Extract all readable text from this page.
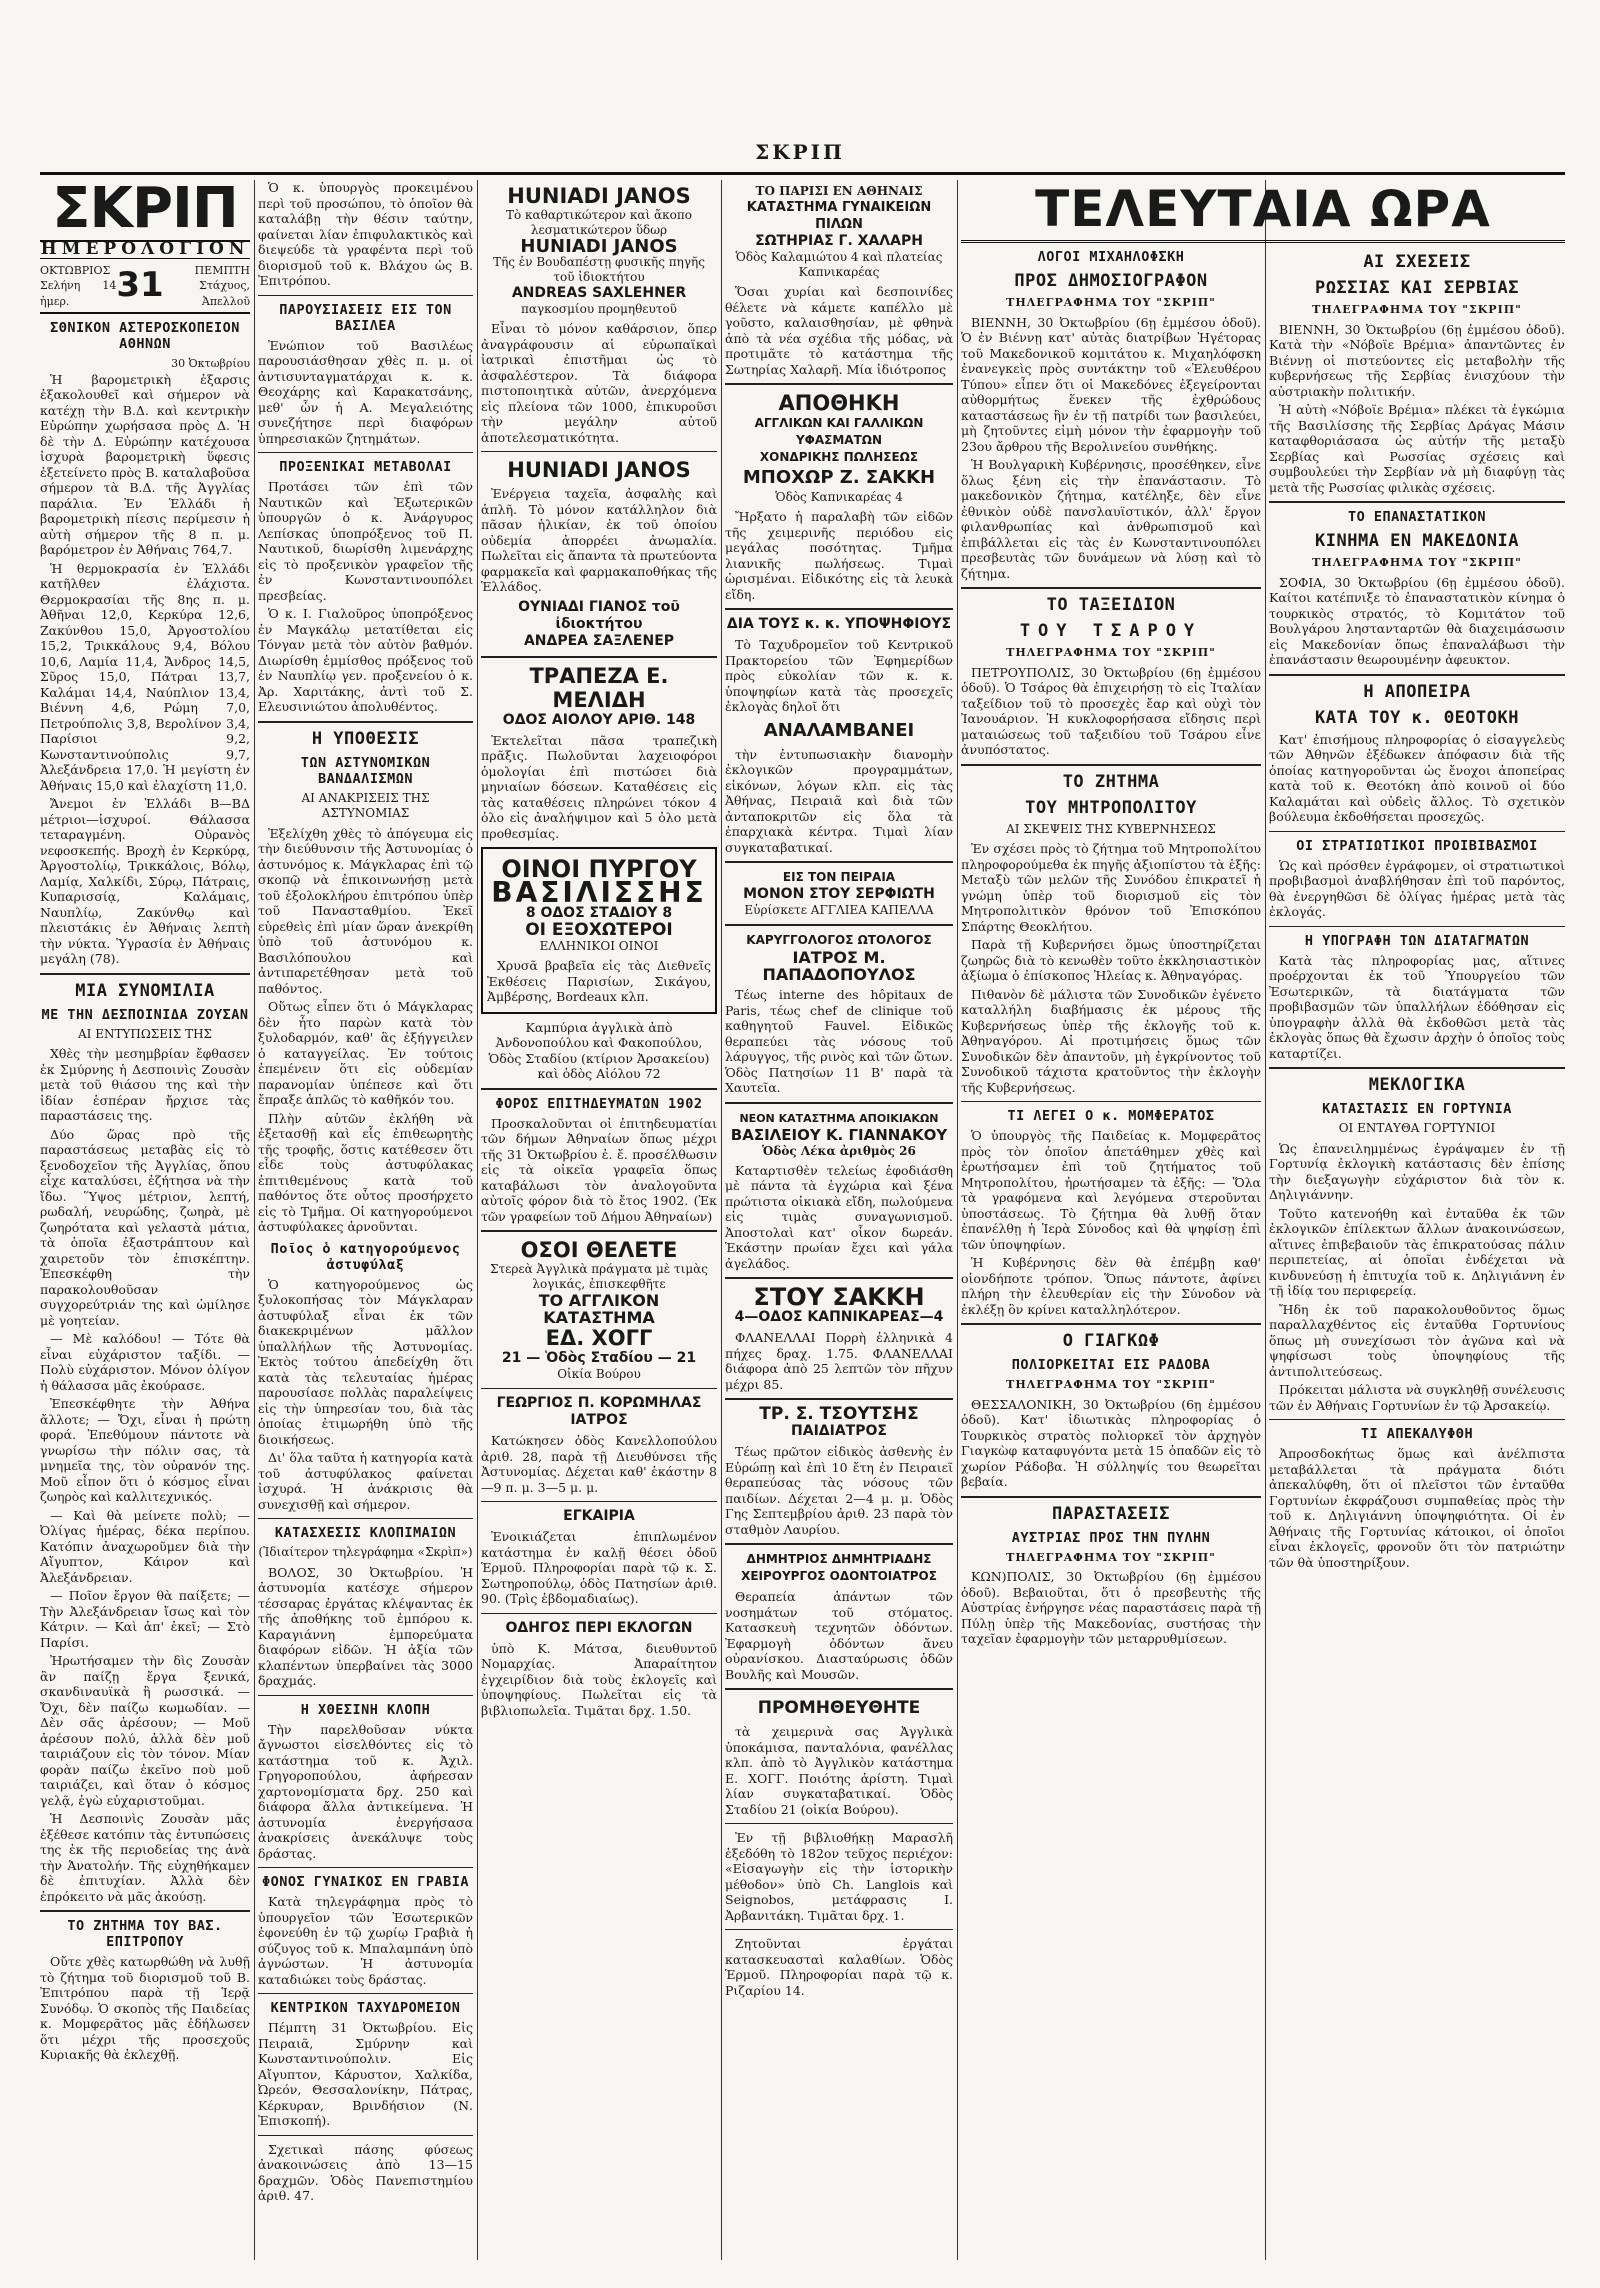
ΣΚΡΙΠ
ΣΚΡΙΠ
ΗΜΕΡΟΛΟΓΙΟΝ
ΟΚΤΩΒΡΙΟΣ
Σελήνη 14 ἡμερ.	31	ΠΕΜΠΤΗ
Στάχυος, Ἀπελλοῦ
ΣΘΝΙΚΟΝ ΑΣΤΕΡΟΣΚΟΠΕΙΟΝ ΑΘΗΝΩΝ
30 Ὀκτωβρίου

Ἡ βαρομετρικὴ ἐξαρσις ἐξακολουθεῖ καὶ σήμερον νὰ κατέχῃ τὴν Β.Δ. καὶ κεντρικὴν Εὐρώπην χωρήσασα πρὸς Δ. Ἡ δὲ τὴν Δ. Εὐρώπην κατέχουσα ἰσχυρὰ βαρομετρικὴ ὕφεσις ἐξετείνετο πρὸς Β. καταλαβοῦσα σήμερον τὰ Β.Δ. τῆς Ἀγγλίας παράλια. Ἐν Ἑλλάδι ἡ βαρομετρικὴ πίεσις περίμεσιν ἡ αὐτὴ σήμερον τῆς 8 π. μ. βαρόμετρον ἐν Ἀθήναις 764,7.

Ἡ θερμοκρασία ἐν Ἑλλάδι κατῆλθεν ἐλάχιστα. Θερμοκρασίαι τῆς 8ης π. μ. Ἀθῆναι 12,0, Κερκύρα 12,6, Ζακύνθου 15,0, Ἀργοστολίου 15,2, Τρικκάλους 9,4, Βόλου 10,6, Λαμία 11,4, Ἄνδρος 14,5, Σῦρος 15,0, Πάτραι 13,7, Καλάμαι 14,4, Ναύπλιον 13,4, Βιέννη 4,6, Ρώμη 7,0, Πετρούπολις 3,8, Βερολίνον 3,4, Παρίσιοι 9,2, Κωνσταντινούπολις 9,7, Ἀλεξάνδρεια 17,0. Ἡ μεγίστη ἐν Ἀθήναις 15,0 καὶ ἐλαχίστη 11,0.

Ἄνεμοι ἐν Ἑλλάδι Β—ΒΔ μέτριοι—ἰσχυροί. Θάλασσα τεταραγμένη. Οὐρανὸς νεφοσκεπής. Βροχὴ ἐν Κερκύρᾳ, Ἀργοστολίῳ, Τρικκάλοις, Βόλῳ, Λαμίᾳ, Χαλκίδι, Σύρῳ, Πάτραις, Κυπαρισσίᾳ, Καλάμαις, Ναυπλίῳ, Ζακύνθῳ καὶ πλειστάκις ἐν Ἀθήναις λεπτὴ τὴν νύκτα. Ὑγρασία ἐν Ἀθήναις μεγάλη (78).

ΜΙΑ ΣΥΝΟΜΙΛΙΑ
ΜΕ ΤΗΝ ΔΕΣΠΟΙΝΙΔΑ ΖΟΥΣΑΝ
ΑΙ ΕΝΤΥΠΩΣΕΙΣ ΤΗΣ

Χθὲς τὴν μεσημβρίαν ἔφθασεν ἐκ Σμύρνης ἡ Δεσποινὶς Ζουσὰν μετὰ τοῦ θιάσου της καὶ τὴν ἰδίαν ἑσπέραν ἤρχισε τὰς παραστάσεις της.

Δύο ὥρας πρὸ τῆς παραστάσεως μεταβὰς εἰς τὸ ξενοδοχεῖον τῆς Ἀγγλίας, ὅπου εἶχε καταλύσει, ἐζήτησα νὰ τὴν ἴδω. Ὕψος μέτριον, λεπτή, ρωδαλή, νευρώδης, ζωηρὰ, μὲ ζωηρότατα καὶ γελαστὰ μάτια, τὰ ὁποῖα ἐξαστράπτουν καὶ χαιρετοῦν τὸν ἐπισκέπτην. Ἐπεσκέφθη τὴν παρακολουθοῦσαν συγχορεύτριάν της καὶ ὡμίλησε μὲ γοητείαν.

— Μὲ καλόδου! — Τότε θὰ εἶναι εὐχάριστον ταξίδι. — Πολὺ εὐχάριστον. Μόνον ὀλίγον ἡ θάλασσα μᾶς ἐκούρασε.

Ἐπεσκέφθητε τὴν Ἀθήνα ἄλλοτε; — Ὄχι, εἶναι ἡ πρώτη φορά. Ἐπεθύμουν πάντοτε νὰ γνωρίσω τὴν πόλιν σας, τὰ μνημεῖα της, τὸν οὐρανόν της. Μοῦ εἶπον ὅτι ὁ κόσμος εἶναι ζωηρὸς καὶ καλλιτεχνικός.

— Καὶ θὰ μείνετε πολὺ; — Ὀλίγας ἡμέρας, δέκα περίπου. Κατόπιν ἀναχωροῦμεν διὰ τὴν Αἴγυπτον, Κάιρον καὶ Ἀλεξάνδρειαν.

— Ποῖον ἔργον θὰ παίξετε; — Τὴν Ἀλεξάνδρειαν ἴσως καὶ τὸν Κάτριν. — Καὶ ἀπ' ἐκεῖ; — Στὸ Παρίσι.

Ἠρωτήσαμεν τὴν δὶς Ζουσὰν ἂν παίζῃ ἔργα ξενικά, σκανδιναυϊκὰ ἢ ρωσσικά. — Ὄχι, δὲν παίζω κωμωδίαν. — Δὲν σᾶς ἀρέσουν; — Μοῦ ἀρέσουν πολύ, ἀλλὰ δὲν μοῦ ταιριάζουν εἰς τὸν τόνον. Μίαν φορὰν παίζω ἐκεῖνο ποὺ μοῦ ταιριάζει, καὶ ὅταν ὁ κόσμος γελᾷ, ἐγὼ εὐχαριστοῦμαι.

Ἡ Δεσποινὶς Ζουσὰν μᾶς ἐξέθεσε κατόπιν τὰς ἐντυπώσεις της ἐκ τῆς περιοδείας της ἀνὰ τὴν Ἀνατολήν. Τῆς εὐχηθήκαμεν δὲ ἐπιτυχίαν. Ἀλλὰ δὲν ἐπρόκειτο νὰ μᾶς ἀκούσῃ.

ΤΟ ΖΗΤΗΜΑ ΤΟΥ ΒΑΣ. ΕΠΙΤΡΟΠΟΥ

Οὔτε χθὲς κατωρθώθη νὰ λυθῇ τὸ ζήτημα τοῦ διορισμοῦ τοῦ Β. Ἐπιτρόπου παρὰ τῇ Ἱερᾷ Συνόδῳ. Ὁ σκοπὸς τῆς Παιδείας κ. Μομφερᾶτος μᾶς ἐδήλωσεν ὅτι μέχρι τῆς προσεχοῦς Κυριακῆς θὰ ἐκλεχθῇ.

Ὁ κ. ὑπουργὸς προκειμένου περὶ τοῦ προσώπου, τὸ ὁποῖον θὰ καταλάβῃ τὴν θέσιν ταύτην, φαίνεται λίαν ἐπιφυλακτικὸς καὶ διεψεύδε τὰ γραφέντα περὶ τοῦ διορισμοῦ τοῦ κ. Βλάχου ὡς Β. Ἐπιτρόπου.

ΠΑΡΟΥΣΙΑΣΕΙΣ ΕΙΣ ΤΟΝ ΒΑΣΙΛΕΑ

Ἐνώπιον τοῦ Βασιλέως παρουσιάσθησαν χθὲς π. μ. οἱ ἀντισυνταγματάρχαι κ. κ. Θεοχάρης καὶ Καρακατσάνης, μεθ' ὧν ἡ Α. Μεγαλειότης συνεζήτησε περὶ διαφόρων ὑπηρεσιακῶν ζητημάτων.

ΠΡΟΞΕΝΙΚΑΙ ΜΕΤΑΒΟΛΑΙ

Προτάσει τῶν ἐπὶ τῶν Ναυτικῶν καὶ Ἐξωτερικῶν ὑπουργῶν ὁ κ. Ἀνάργυρος Λεπίσκας ὑποπρόξενος τοῦ Π. Ναυτικοῦ, διωρίσθη λιμενάρχης εἰς τὸ προξενικὸν γραφεῖον τῆς ἐν Κωνσταντινουπόλει πρεσβείας.

Ὁ κ. Ι. Γιαλοῦρος ὑποπρόξενος ἐν Μαγκάλῳ μετατίθεται εἰς Τόνγαν μετὰ τὸν αὐτὸν βαθμόν. Διωρίσθη ἐμμίσθος πρόξενος τοῦ ἐν Ναυπλίῳ γεν. προξενείου ὁ κ. Ἀρ. Χαριτάκης, ἀντὶ τοῦ Σ. Ελευσινιώτου ἀπολυθέντος.

Η ΥΠΟΘΕΣΙΣ
ΤΩΝ ΑΣΤΥΝΟΜΙΚΩΝ ΒΑΝΔΑΛΙΣΜΩΝ
ΑΙ ΑΝΑΚΡΙΣΕΙΣ ΤΗΣ ΑΣΤΥΝΟΜΙΑΣ

Ἐξελίχθη χθὲς τὸ ἀπόγευμα εἰς τὴν διεύθυνσιν τῆς Ἀστυνομίας ὁ ἀστυνόμος κ. Μάγκλαρας ἐπὶ τῷ σκοπῷ νὰ ἐπικοινωνήσῃ μετὰ τοῦ ἐξολοκλήρου ἐπιτρόπου ὑπὲρ τοῦ Πανασταθμίου. Ἐκεῖ εὑρεθεὶς ἐπὶ μίαν ὥραν ἀνεκρίθη ὑπὸ τοῦ ἀστυνόμου κ. Βασιλόπουλου καὶ ἀντιπαρετέθησαν μετὰ τοῦ παθόντος.

Οὕτως εἶπεν ὅτι ὁ Μάγκλαρας δὲν ἦτο παρὼν κατὰ τὸν ξυλοδαρμόν, καθ' ἃς ἐξήγγειλεν ὁ καταγγείλας. Ἐν τούτοις ἐπεμένειν ὅτι εἰς οὐδεμίαν παρανομίαν ὑπέπεσε καὶ ὅτι ἔπραξε ἁπλῶς τὸ καθῆκόν του.

Πλὴν αὐτῶν ἐκλήθη νὰ ἐξετασθῇ καὶ εἷς ἐπιθεωρητὴς τῆς τροφῆς, ὅστις κατέθεσεν ὅτι εἶδε τοὺς ἀστυφύλακας ἐπιτιθεμένους κατὰ τοῦ παθόντος ὅτε οὗτος προσήρχετο εἰς τὸ Τμῆμα. Οἱ κατηγορούμενοι ἀστυφύλακες ἀρνοῦνται.

Ποῖος ὁ κατηγορούμενος ἀστυφύλαξ

Ὁ κατηγορούμενος ὡς ξυλοκοπήσας τὸν Μάγκλαραν ἀστυφύλαξ εἶναι ἐκ τῶν διακεκριμένων μᾶλλον ὑπαλλήλων τῆς Ἀστυνομίας. Ἐκτὸς τούτου ἀπεδείχθη ὅτι κατὰ τὰς τελευταίας ἡμέρας παρουσίασε πολλὰς παραλείψεις εἰς τὴν ὑπηρεσίαν του, διὰ τὰς ὁποίας ἐτιμωρήθη ὑπὸ τῆς διοικήσεως.

Δι' ὅλα ταῦτα ἡ κατηγορία κατὰ τοῦ ἀστυφύλακος φαίνεται ἰσχυρά. Ἡ ἀνάκρισις θὰ συνεχισθῇ καὶ σήμερον.

ΚΑΤΑΣΧΕΣΙΣ ΚΛΟΠΙΜΑΙΩΝ
(Ἰδιαίτερον τηλεγράφημα «Σκρὶπ»)

ΒΟΛΟΣ, 30 Ὀκτωβρίου. Ἡ ἀστυνομία κατέσχε σήμερον τέσσαρας ἐργάτας κλέψαντας ἐκ τῆς ἀποθήκης τοῦ ἐμπόρου κ. Καραγιάννη ἐμπορεύματα διαφόρων εἰδῶν. Ἡ ἀξία τῶν κλαπέντων ὑπερβαίνει τὰς 3000 δραχμάς.

Η ΧΘΕΣΙΝΗ ΚΛΟΠΗ

Τὴν παρελθοῦσαν νύκτα ἄγνωστοι εἰσελθόντες εἰς τὸ κατάστημα τοῦ κ. Ἀχιλ. Γρηγοροπούλου, ἀφήρεσαν χαρτονομίσματα δρχ. 250 καὶ διάφορα ἄλλα ἀντικείμενα. Ἡ ἀστυνομία ἐνεργήσασα ἀνακρίσεις ἀνεκάλυψε τοὺς δράστας.

ΦΟΝΟΣ ΓΥΝΑΙΚΟΣ ΕΝ ΓΡΑΒΙΑ

Κατὰ τηλεγράφημα πρὸς τὸ ὑπουργεῖον τῶν Ἐσωτερικῶν ἐφονεύθη ἐν τῷ χωρίῳ Γραβιὰ ἡ σύζυγος τοῦ κ. Μπαλαμπάνη ὑπὸ ἀγνώστων. Ἡ ἀστυνομία καταδιώκει τοὺς δράστας.

ΚΕΝΤΡΙΚΟΝ ΤΑΧΥΔΡΟΜΕΙΟΝ

Πέμπτη 31 Ὀκτωβρίου. Εἰς Πειραιᾶ, Σμύρνην καὶ Κωνσταντινούπολιν. Εἰς Αἴγυπτον, Κάρυστον, Χαλκίδα, Ὠρεόν, Θεσσαλονίκην, Πάτρας, Κέρκυραν, Βρινδήσιον (Ν. Ἐπισκοπή).

Σχετικαὶ πάσης φύσεως ἀνακοινώσεις ἀπὸ 13—15 δραχμῶν. Ὁδὸς Πανεπιστημίου ἀριθ. 47.

HUNIADI JANOS
Τὸ καθαρτικώτερον καὶ ἄκοπο λεσματικώτερον ὕδωρ
HUNIADI JANOS
Τῆς ἐν Βουδαπέστῃ φυσικῆς πηγῆς τοῦ ἰδιοκτήτου
ANDREAS SAXLEHNER
παγκοσμίου προμηθευτοῦ

Εἶναι τὸ μόνον καθάρσιον, ὅπερ ἀναγράφουσιν αἱ εὐρωπαϊκαὶ ἰατρικαὶ ἐπιστῆμαι ὡς τὸ ἀσφαλέστερον. Τὰ διάφορα πιστοποιητικὰ αὐτῶν, ἀνερχόμενα εἰς πλείονα τῶν 1000, ἐπικυροῦσι τὴν μεγάλην αὐτοῦ ἀποτελεσματικότητα.

HUNIADI JANOS

Ἐνέργεια ταχεῖα, ἀσφαλὴς καὶ ἁπλῆ. Τὸ μόνον κατάλληλον διὰ πᾶσαν ἡλικίαν, ἐκ τοῦ ὁποίου οὐδεμία ἀπορρέει ἀνωμαλία. Πωλεῖται εἰς ἅπαντα τὰ πρωτεύοντα φαρμακεῖα καὶ φαρμακαποθήκας τῆς Ἑλλάδος.

ΟΥΝΙΑΔΙ ΓΙΑΝΟΣ τοῦ ἰδιοκτήτου
ΑΝΔΡΕΑ ΣΑΞΛΕΝΕΡ
ΤΡΑΠΕΖΑ Ε. ΜΕΛΙΔΗ
ΟΔΟΣ ΑΙΟΛΟΥ ΑΡΙΘ. 148

Ἐκτελεῖται πᾶσα τραπεζικὴ πρᾶξις. Πωλοῦνται λαχειοφόροι ὁμολογίαι ἐπὶ πιστώσει διὰ μηνιαίων δόσεων. Καταθέσεις εἰς τὰς καταθέσεις πληρώνει τόκον 4 ὀλο εἰς ἀναλήψιμον καὶ 5 ὀλο μετὰ προθεσμίας.

ΟΙΝΟΙ ΠΥΡΓΟΥ
ΒΑΣΙΛΙΣΣΗΣ
8 ΟΔΟΣ ΣΤΑΔΙΟΥ 8
ΟΙ ΕΞΟΧΩΤΕΡΟΙ
ΕΛΛΗΝΙΚΟΙ ΟΙΝΟΙ

Χρυσᾶ βραβεῖα εἰς τὰς Διεθνεῖς Ἐκθέσεις Παρισίων, Σικάγου, Ἀμβέρσης, Bordeaux κλπ.

Καμπύρια ἀγγλικὰ ἀπὸ Ἀνδονοπούλου καὶ Φακοπούλου, Ὁδὸς Σταδίου (κτίριον Ἀρσακείου) καὶ ὁδὸς Αἰόλου 72

ΦΟΡΟΣ ΕΠΙΤΗΔΕΥΜΑΤΩΝ 1902

Προσκαλοῦνται οἱ ἐπιτηδευματίαι τῶν δήμων Ἀθηναίων ὅπως μέχρι τῆς 31 Ὀκτωβρίου ἐ. ἔ. προσέλθωσιν εἰς τὰ οἰκεῖα γραφεῖα ὅπως καταβάλωσι τὸν ἀναλογοῦντα αὐτοῖς φόρον διὰ τὸ ἔτος 1902. (Ἐκ τῶν γραφείων τοῦ Δήμου Ἀθηναίων)

ΟΣΟΙ ΘΕΛΕΤΕ
Στερεὰ Ἀγγλικὰ πράγματα μὲ τιμὰς λογικάς, ἐπισκεφθῆτε
ΤΟ ΑΓΓΛΙΚΟΝ ΚΑΤΑΣΤΗΜΑ
ΕΔ. ΧΟΓΓ
21 — Ὁδὸς Σταδίου — 21
Οἰκία Βούρου
ΓΕΩΡΓΙΟΣ Π. ΚΟΡΩΜΗΛΑΣ
ΙΑΤΡΟΣ

Κατώκησεν ὁδὸς Κανελλοπούλου ἀριθ. 28, παρὰ τῇ Διευθύνσει τῆς Ἀστυνομίας. Δέχεται καθ' ἑκάστην 8—9 π. μ. 3—5 μ. μ.

ΕΓΚΑΙΡΙΑ

Ἐνοικιάζεται ἐπιπλωμένον κατάστημα ἐν καλῇ θέσει ὁδοῦ Ἑρμοῦ. Πληροφορίαι παρὰ τῷ κ. Σ. Σωτηροπούλῳ, ὁδὸς Πατησίων ἀριθ. 90. (Τρὶς ἑβδομαδιαίως).

ΟΔΗΓΟΣ ΠΕΡΙ ΕΚΛΟΓΩΝ

ὑπὸ Κ. Μάτσα, διευθυντοῦ Νομαρχίας. Ἀπαραίτητον ἐγχειρίδιον διὰ τοὺς ἐκλογεῖς καὶ ὑποψηφίους. Πωλεῖται εἰς τὰ βιβλιοπωλεῖα. Τιμᾶται δρχ. 1.50.

ΤΟ ΠΑΡΙΣΙ ΕΝ ΑΘΗΝΑΙΣ
ΚΑΤΑΣΤΗΜΑ ΓΥΝΑΙΚΕΙΩΝ ΠΙΛΩΝ
ΣΩΤΗΡΙΑΣ Γ. ΧΑΛΑΡΗ
Ὁδὸς Καλαμιώτου 4 καὶ πλατείας Καπνικαρέας

Ὅσαι χυρίαι καὶ δεσποινίδες θέλετε νὰ κάμετε καπέλλο μὲ γοῦστο, καλαισθησίαν, μὲ φθηνὰ ἀπὸ τὰ νέα σχέδια τῆς μόδας, νὰ προτιμᾶτε τὸ κατάστημα τῆς Σωτηρίας Χαλαρῆ. Μία ἰδιότροπος

ΑΠΟΘΗΚΗ
ΑΓΓΛΙΚΩΝ ΚΑΙ ΓΑΛΛΙΚΩΝ ΥΦΑΣΜΑΤΩΝ
ΧΟΝΔΡΙΚΗΣ ΠΩΛΗΣΕΩΣ
ΜΠΟΧΩΡ Ζ. ΣΑΚΚΗ
Ὁδὸς Καπνικαρέας 4

Ἤρξατο ἡ παραλαβὴ τῶν εἰδῶν τῆς χειμερινῆς περιόδου εἰς μεγάλας ποσότητας. Τμῆμα λιανικῆς πωλήσεως. Τιμαὶ ὡρισμέναι. Εἰδικότης εἰς τὰ λευκὰ εἴδη.

ΔΙΑ ΤΟΥΣ κ. κ. ΥΠΟΨΗΦΙΟΥΣ

Τὸ Ταχυδρομεῖον τοῦ Κεντρικοῦ Πρακτορείου τῶν Ἐφημερίδων πρὸς εὐκολίαν τῶν κ. κ. ὑποψηφίων κατὰ τὰς προσεχεῖς ἐκλογὰς δηλοῖ ὅτι

ΑΝΑΛΑΜΒΑΝΕΙ

τὴν ἐντυπωσιακὴν διανομὴν ἐκλογικῶν προγραμμάτων, εἰκόνων, λόγων κλπ. εἰς τὰς Ἀθήνας, Πειραιᾶ καὶ διὰ τῶν ἀνταποκριτῶν εἰς ὅλα τὰ ἐπαρχιακὰ κέντρα. Τιμαὶ λίαν συγκαταβατικαί.

ΕΙΣ ΤΟΝ ΠΕΙΡΑΙΑ
ΜΟΝΟΝ ΣΤΟΥ ΣΕΡΦΙΩΤΗ
Εὑρίσκετε ΑΓΓΛΙΕΑ ΚΑΠΕΛΛΑ
ΚΑΡΥΓΓΟΛΟΓΟΣ ΩΤΟΛΟΓΟΣ
ΙΑΤΡΟΣ Μ. ΠΑΠΑΔΟΠΟΥΛΟΣ

Τέως interne des hôpitaux de Paris, τέως chef de clinique τοῦ καθηγητοῦ Fauvel. Εἰδικῶς θεραπεύει τὰς νόσους τοῦ λάρυγγος, τῆς ρινὸς καὶ τῶν ὤτων. Ὁδὸς Πατησίων 11 Β' παρὰ τὰ Χαυτεῖα.

ΝΕΟΝ ΚΑΤΑΣΤΗΜΑ ΑΠΟΙΚΙΑΚΩΝ
ΒΑΣΙΛΕΙΟΥ Κ. ΓΙΑΝΝΑΚΟΥ
Ὁδὸς Λέκα ἀριθμὸς 26

Καταρτισθὲν τελείως ἐφοδιάσθη μὲ πάντα τὰ ἐγχώρια καὶ ξένα πρώτιστα οἰκιακὰ εἴδη, πωλούμενα εἰς τιμὰς συναγωνισμοῦ. Ἀποστολαὶ κατ' οἶκον δωρεάν. Ἑκάστην πρωίαν ἔχει καὶ γάλα ἀγελάδος.

ΣΤΟΥ ΣΑΚΚΗ
4—ΟΔΟΣ ΚΑΠΝΙΚΑΡΕΑΣ—4

ΦΛΑΝΕΛΛΑΙ Πορρὴ ἐλληνικὰ 4 πήχες δραχ. 1.75. ΦΛΑΝΕΛΛΑΙ διάφορα ἀπὸ 25 λεπτῶν τὸν πῆχυν μέχρι 85.

ΤΡ. Σ. ΤΣΟΥΤΣΗΣ
ΠΑΙΔΙΑΤΡΟΣ

Τέως πρῶτον εἰδικὸς ἀσθενὴς ἐν Εὐρώπῃ καὶ ἐπὶ 10 ἔτη ἐν Πειραιεῖ θεραπεύσας τὰς νόσους τῶν παιδίων. Δέχεται 2—4 μ. μ. Ὁδὸς Γης Σεπτεμβρίου ἀριθ. 23 παρὰ τὸν σταθμὸν Λαυρίου.

ΔΗΜΗΤΡΙΟΣ ΔΗΜΗΤΡΙΑΔΗΣ
ΧΕΙΡΟΥΡΓΟΣ ΟΔΟΝΤΟΙΑΤΡΟΣ

Θεραπεία ἁπάντων τῶν νοσημάτων τοῦ στόματος. Κατασκευὴ τεχνητῶν ὀδόντων. Ἐφαρμογὴ ὀδόντων ἄνευ οὐρανίσκου. Διασταύρωσις ὁδῶν Βουλῆς καὶ Μουσῶν.

ΠΡΟΜΗΘΕΥΘΗΤΕ

τὰ χειμερινὰ σας Ἀγγλικὰ ὑποκάμισα, πανταλόνια, φανέλλας κλπ. ἀπὸ τὸ Ἀγγλικὸν κατάστημα Ε. ΧΟΓΓ. Ποιότης ἀρίστη. Τιμαὶ λίαν συγκαταβατικαί. Ὁδὸς Σταδίου 21 (οἰκία Βούρου).

Ἐν τῇ βιβλιοθήκῃ Μαρασλῆ ἐξεδόθη τὸ 182ον τεῦχος περιέχον: «Εἰσαγωγὴν εἰς τὴν ἱστορικὴν μέθοδον» ὑπὸ Ch. Langlois καὶ Seignobos, μετάφρασις Ι. Ἀρβανιτάκη. Τιμᾶται δρχ. 1.

Ζητοῦνται ἐργάται κατασκευασταὶ καλαθίων. Ὁδὸς Ἑρμοῦ. Πληροφορίαι παρὰ τῷ κ. Ριζαρίου 14.

ΤΕΛΕΥΤΑΙΑ ΩΡΑ
ΛΟΓΟΙ ΜΙΧΑΗΛΟΦΣΚΗ
ΠΡΟΣ ΔΗΜΟΣΙΟΓΡΑΦΟΝ
ΤΗΛΕΓΡΑΦΗΜΑ ΤΟΥ "ΣΚΡΙΠ"

ΒΙΕΝΝΗ, 30 Ὀκτωβρίου (6ῃ ἐμμέσου ὁδοῦ). Ὁ ἐν Βιέννῃ κατ' αὐτὰς διατρίβων Ἠγέτορας τοῦ Μακεδονικοῦ κομιτάτου κ. Μιχαηλόφσκη ἐνανεγκεὶς πρὸς συντάκτην τοῦ «Ἐλευθέρου Τύπου» εἶπεν ὅτι οἱ Μακεδόνες ἐξεγείρονται αὐθορμήτως ἕνεκεν τῆς ἐχθρώδους καταστάσεως ἣν ἐν τῇ πατρίδι των βασιλεύει, μὴ ζητοῦντες εἰμὴ μόνον τὴν ἐφαρμογὴν τοῦ 23ου ἄρθρου τῆς Βερολινείου συνθήκης.

Ἡ Βουλγαρικὴ Κυβέρνησις, προσέθηκεν, εἶνε ὅλως ξένη εἰς τὴν ἐπανάστασιν. Τὸ μακεδονικὸν ζήτημα, κατέληξε, δὲν εἶνε ἐθνικὸν οὐδὲ πανσλαυϊστικόν, ἀλλ' ἔργον φιλανθρωπίας καὶ ἀνθρωπισμοῦ καὶ ἐπιβάλλεται εἰς τὰς ἐν Κωνσταντινουπόλει πρεσβευτὰς τῶν δυνάμεων νὰ λύσῃ καὶ τὸ ζήτημα.

ΤΟ ΤΑΞΕΙΔΙΟΝ
ΤΟΥ ΤΣΑΡΟΥ
ΤΗΛΕΓΡΑΦΗΜΑ ΤΟΥ "ΣΚΡΙΠ"

ΠΕΤΡΟΥΠΟΛΙΣ, 30 Ὀκτωβρίου (6ῃ ἐμμέσου ὁδοῦ). Ὁ Τσάρος θὰ ἐπιχειρήσῃ τὸ εἰς Ἰταλίαν ταξείδιον τοῦ τὸ προσεχὲς ἔαρ καὶ οὐχὶ τὸν Ἰανουάριον. Ἡ κυκλοφορήσασα εἴδησις περὶ ματαιώσεως τοῦ ταξειδίου τοῦ Τσάρου εἶνε ἀνυπόστατος.

ΤΟ ΖΗΤΗΜΑ
ΤΟΥ ΜΗΤΡΟΠΟΛΙΤΟΥ
ΑΙ ΣΚΕΨΕΙΣ ΤΗΣ ΚΥΒΕΡΝΗΣΕΩΣ

Ἐν σχέσει πρὸς τὸ ζήτημα τοῦ Μητροπολίτου πληροφορούμεθα ἐκ πηγῆς ἀξιοπίστου τὰ ἑξῆς: Μεταξὺ τῶν μελῶν τῆς Συνόδου ἐπικρατεῖ ἡ γνώμη ὑπὲρ τοῦ διορισμοῦ εἰς τὸν Μητροπολιτικὸν θρόνον τοῦ Ἐπισκόπου Σπάρτης Θεοκλήτου.

Παρὰ τῇ Κυβερνήσει ὅμως ὑποστηρίζεται ζωηρῶς διὰ τὸ κενωθὲν τοῦτο ἐκκλησιαστικὸν ἀξίωμα ὁ ἐπίσκοπος Ἠλείας κ. Ἀθηναγόρας.

Πιθανὸν δὲ μάλιστα τῶν Συνοδικῶν ἐγένετο καταλλήλη διαβήμασις ἐκ μέρους τῆς Κυβερνήσεως ὑπὲρ τῆς ἐκλογῆς τοῦ κ. Ἀθηναγόρου. Αἱ προτιμήσεις ὅμως τῶν Συνοδικῶν δὲν ἀπαντοῦν, μὴ ἐγκρίνοντος τοῦ Συνοδικοῦ τάχιστα κρατοῦντος τὴν ἐκλογὴν τῆς Κυβερνήσεως.

ΤΙ ΛΕΓΕΙ Ο κ. ΜΟΜΦΕΡΑΤΟΣ

Ὁ ὑπουργὸς τῆς Παιδείας κ. Μομφερᾶτος πρὸς τὸν ὁποῖον ἀπετάθημεν χθὲς καὶ ἐρωτήσαμεν ἐπὶ τοῦ ζητήματος τοῦ Μητροπολίτου, ἠρωτήσαμεν τὰ ἑξῆς: — Ὅλα τὰ γραφόμενα καὶ λεγόμενα στεροῦνται ὑποστάσεως. Τὸ ζήτημα θὰ λυθῇ ὅταν ἐπανέλθῃ ἡ Ἱερὰ Σύνοδος καὶ θὰ ψηφίσῃ ἐπὶ τῶν ὑποψηφίων.

Ἡ Κυβέρνησις δὲν θὰ ἐπέμβῃ καθ' οἱονδήποτε τρόπον. Ὅπως πάντοτε, ἀφίνει πλήρη τὴν ἐλευθερίαν εἰς τὴν Σύνοδον νὰ ἐκλέξῃ ὃν κρίνει καταλληλότερον.

Ο ΓΙΑΓΚΩΦ
ΠΟΛΙΟΡΚΕΙΤΑΙ ΕΙΣ ΡΑΔΟΒΑ
ΤΗΛΕΓΡΑΦΗΜΑ ΤΟΥ "ΣΚΡΙΠ"

ΘΕΣΣΑΛΟΝΙΚΗ, 30 Ὀκτωβρίου (6ῃ ἐμμέσου ὁδοῦ). Κατ' ἰδιωτικὰς πληροφορίας ὁ Τουρκικὸς στρατὸς πολιορκεῖ τὸν ἀρχηγὸν Γιαγκὼφ καταφυγόντα μετὰ 15 ὀπαδῶν εἰς τὸ χωρίον Ράδοβα. Ἡ σύλληψίς του θεωρεῖται βεβαία.

ΠΑΡΑΣΤΑΣΕΙΣ
ΑΥΣΤΡΙΑΣ ΠΡΟΣ ΤΗΝ ΠΥΛΗΝ
ΤΗΛΕΓΡΑΦΗΜΑ ΤΟΥ "ΣΚΡΙΠ"

ΚΩΝ)ΠΟΛΙΣ, 30 Ὀκτωβρίου (6ῃ ἐμμέσου ὁδοῦ). Βεβαιοῦται, ὅτι ὁ πρεσβευτὴς τῆς Αὐστρίας ἐνήργησε νέας παραστάσεις παρὰ τῇ Πύλῃ ὑπὲρ τῆς Μακεδονίας, συστήσας τὴν ταχεῖαν ἐφαρμογὴν τῶν μεταρρυθμίσεων.

ΑΙ ΣΧΕΣΕΙΣ
ΡΩΣΣΙΑΣ ΚΑΙ ΣΕΡΒΙΑΣ
ΤΗΛΕΓΡΑΦΗΜΑ ΤΟΥ "ΣΚΡΙΠ"

ΒΙΕΝΝΗ, 30 Ὀκτωβρίου (6ῃ ἐμμέσου ὁδοῦ). Κατὰ τὴν «Νόβοϊε Βρέμια» ἀπαντῶντες ἐν Βιέννῃ οἱ πιστεύοντες εἰς μεταβολὴν τῆς κυβερνήσεως τῆς Σερβίας ἐνισχύουν τὴν αὐστριακὴν πολιτικήν.

Ἡ αὐτὴ «Νόβοϊε Βρέμια» πλέκει τὰ ἐγκώμια τῆς Βασιλίσσης τῆς Σερβίας Δράγας Μάσιν καταφθοριάσασα ὡς αὐτήν τῆς μεταξὺ Σερβίας καὶ Ρωσσίας σχέσεις καὶ συμβουλεύει τὴν Σερβίαν νὰ μὴ διαφύγῃ τὰς μετὰ τῆς Ρωσσίας φιλικὰς σχέσεις.

ΤΟ ΕΠΑΝΑΣΤΑΤΙΚΟΝ
ΚΙΝΗΜΑ ΕΝ ΜΑΚΕΔΟΝΙΑ
ΤΗΛΕΓΡΑΦΗΜΑ ΤΟΥ "ΣΚΡΙΠ"

ΣΟΦΙΑ, 30 Ὀκτωβρίου (6ῃ ἐμμέσου ὁδοῦ). Καίτοι κατέπνιξε τὸ ἐπαναστατικὸν κίνημα ὁ τουρκικὸς στρατός, τὸ Κομιτάτον τοῦ Βουλγάρου ληστανταρτῶν θὰ διαχειμάσωσιν εἰς Μακεδονίαν ὅπως ἐπαναλάβωσι τὴν ἐπανάστασιν θεωρουμένην ἀφευκτον.

Η ΑΠΟΠΕΙΡΑ
ΚΑΤΑ ΤΟΥ κ. ΘΕΟΤΟΚΗ

Κατ' ἐπισήμους πληροφορίας ὁ εἰσαγγελεὺς τῶν Ἀθηνῶν ἐξέδωκεν ἀπόφασιν διὰ τῆς ὁποίας κατηγοροῦνται ὡς ἔνοχοι ἀποπείρας κατὰ τοῦ κ. Θεοτόκη ἀπὸ κοινοῦ οἱ δύο Καλαμάται καὶ οὐδεὶς ἄλλος. Τὸ σχετικὸν βούλευμα ἐκδοθήσεται προσεχῶς.

ΟΙ ΣΤΡΑΤΙΩΤΙΚΟΙ ΠΡΟΙΒΙΒΑΣΜΟΙ

Ὡς καὶ πρόσθεν ἐγράφομεν, οἱ στρατιωτικοὶ προβιβασμοὶ ἀναβλήθησαν ἐπὶ τοῦ παρόντος, θὰ ἐνεργηθῶσι δὲ ὀλίγας ἡμέρας μετὰ τὰς ἐκλογάς.

Η ΥΠΟΓΡΑΦΗ ΤΩΝ ΔΙΑΤΑΓΜΑΤΩΝ

Κατὰ τὰς πληροφορίας μας, αἵτινες προέρχονται ἐκ τοῦ Ὑπουργείου τῶν Ἐσωτερικῶν, τὰ διατάγματα τῶν προβιβασμῶν τῶν ὑπαλλήλων ἐδόθησαν εἰς ὑπογραφὴν ἀλλὰ θὰ ἐκδοθῶσι μετὰ τὰς ἐκλογὰς ὅπως θὰ ἔχωσιν ἀρχὴν ὁ ὁποῖος τοὺς καταρτίζει.

ΜΕΚΛΟΓΙΚΑ
ΚΑΤΑΣΤΑΣΙΣ ΕΝ ΓΟΡΤΥΝΙΑ
ΟΙ ΕΝΤΑΥΘΑ ΓΟΡΤΥΝΙΟΙ

Ὡς ἐπανειλημμένως ἐγράψαμεν ἐν τῇ Γορτυνίᾳ ἐκλογικὴ κατάστασις δὲν ἐπίσης τὴν διεξαγωγὴν εὐχάριστον διὰ τὸν κ. Δηλιγιάννην.

Τοῦτο κατενοήθη καὶ ἐνταῦθα ἐκ τῶν ἐκλογικῶν ἐπίλεκτων ἄλλων ἀνακοινώσεων, αἵτινες ἐπιβεβαιοῦν τὰς ἐπικρατούσας πάλιν περιπετείας, αἱ ὁποῖαι ἐνδέχεται νὰ κινδυνεύσῃ ἡ ἐπιτυχία τοῦ κ. Δηλιγιάννη ἐν τῇ ἰδίᾳ του περιφερείᾳ.

Ἤδη ἐκ τοῦ παρακολουθοῦντος ὅμως παραλλαχθέντος εἰς ἐνταῦθα Γορτυνίους ὅπως μὴ συνεχίσωσι τὸν ἀγῶνα καὶ νὰ ψηφίσωσι τοὺς ὑποψηφίους τῆς ἀντιπολιτεύσεως.

Πρόκειται μάλιστα νὰ συγκληθῇ συνέλευσις τῶν ἐν Ἀθήναις Γορτυνίων ἐν τῷ Ἀρσακείῳ.

ΤΙ ΑΠΕΚΑΛΥΦΘΗ

Ἀπροσδοκήτως ὅμως καὶ ἀνέλπιστα μεταβάλλεται τὰ πράγματα διότι ἀπεκαλύφθη, ὅτι οἱ πλεῖστοι τῶν ἐνταῦθα Γορτυνίων ἐκφράζουσι συμπαθείας πρὸς τὴν τοῦ κ. Δηλιγιάννη ὑποψηφιότητα. Οἱ ἐν Ἀθήναις τῆς Γορτυνίας κάτοικοι, οἱ ὁποῖοι εἶναι ἐκλογεῖς, φρονοῦν ὅτι τὸν πατριώτην τῶν θὰ ὑποστηρίξουν.
